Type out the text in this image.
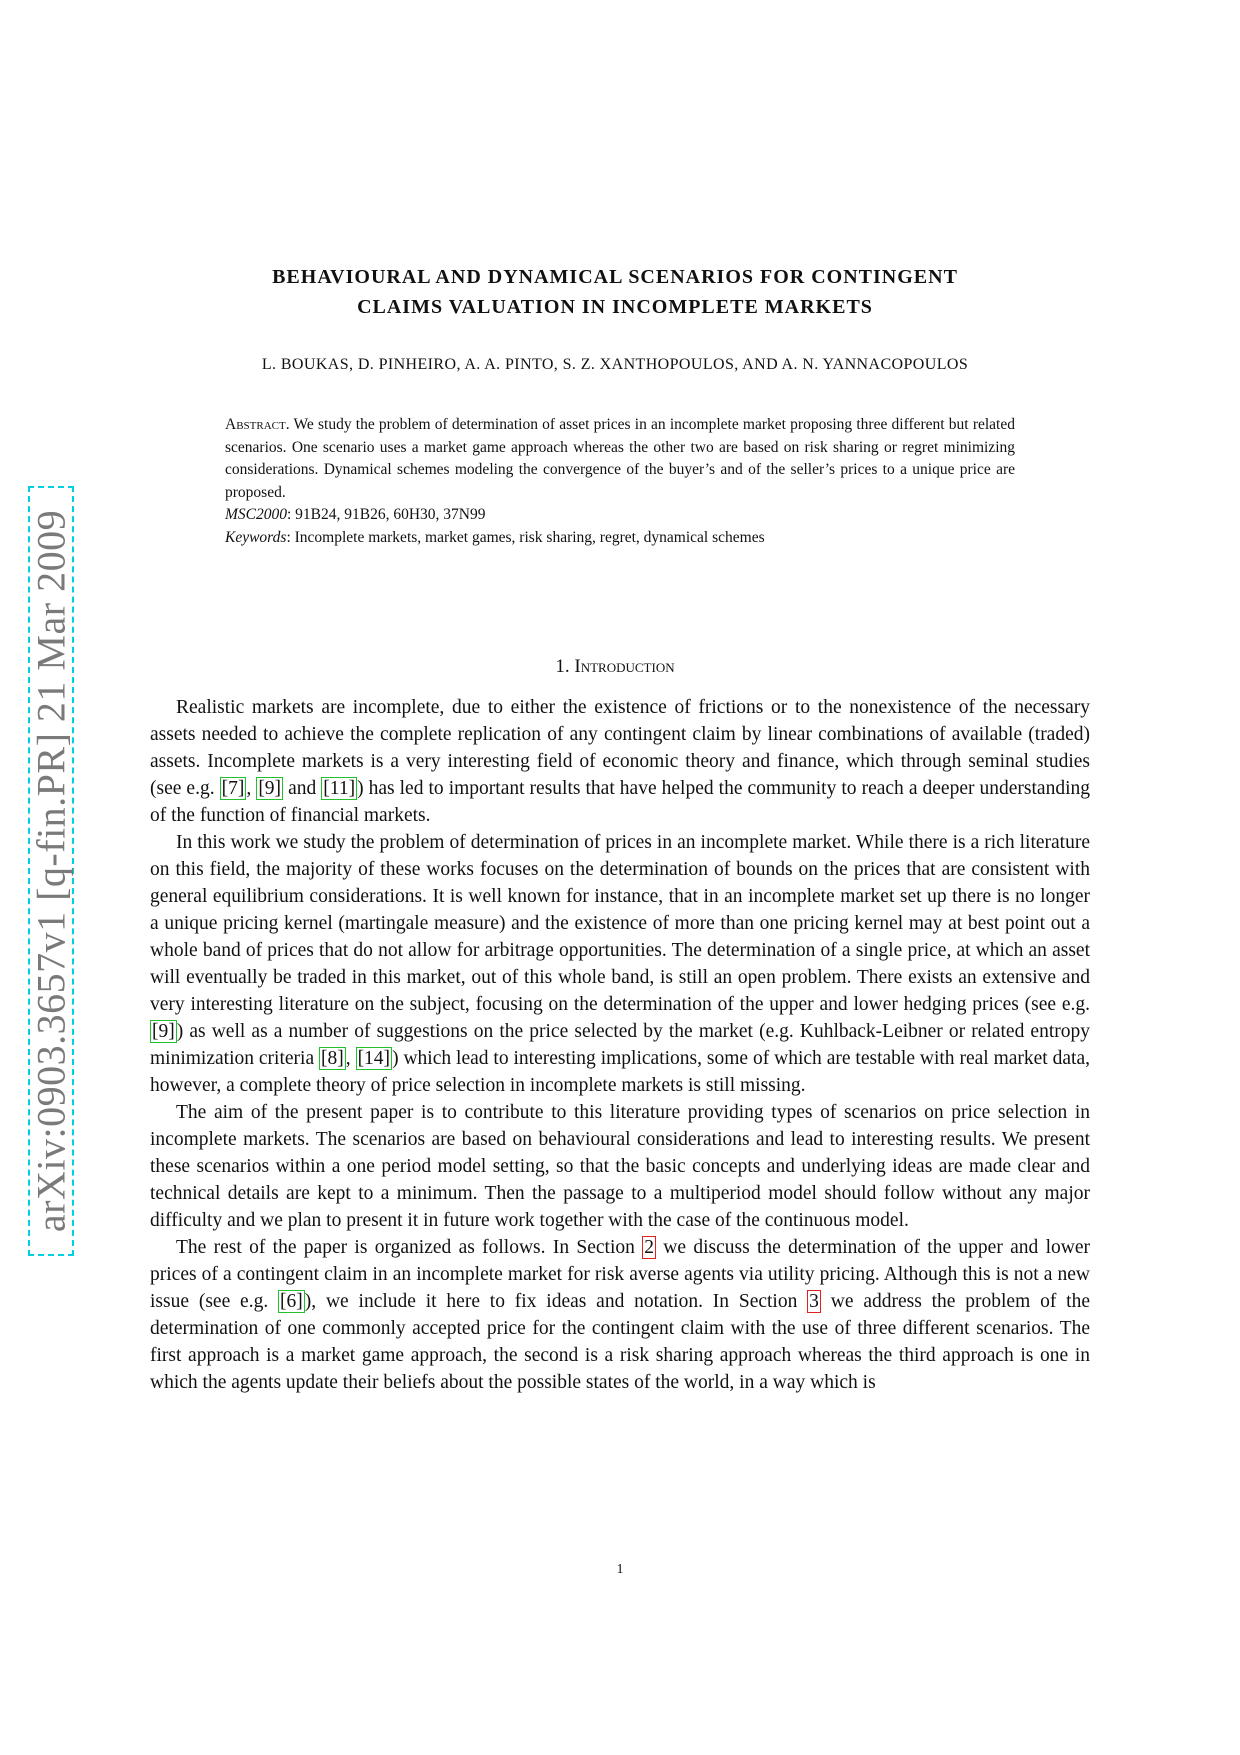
arXiv:0903.3657v1 [q-fin.PR] 21 Mar 2009
BEHAVIOURAL AND DYNAMICAL SCENARIOS FOR CONTINGENT
CLAIMS VALUATION IN INCOMPLETE MARKETS
L. BOUKAS, D. PINHEIRO, A. A. PINTO, S. Z. XANTHOPOULOS, AND A. N. YANNACOPOULOS

Abstract. We study the problem of determination of asset prices in an incomplete market proposing three different but related scenarios. One scenario uses a market game approach whereas the other two are based on risk sharing or regret minimizing considerations. Dynamical schemes modeling the convergence of the buyer’s and of the seller’s prices to a unique price are proposed.

MSC2000: 91B24, 91B26, 60H30, 37N99

Keywords: Incomplete markets, market games, risk sharing, regret, dynamical schemes

1. Introduction

Realistic markets are incomplete, due to either the existence of frictions or to the nonexistence of the necessary assets needed to achieve the complete replication of any contingent claim by linear combinations of available (traded) assets. Incomplete markets is a very interesting field of economic theory and finance, which through seminal studies (see e.g. [7] , [9] and [11] ) has led to important results that have helped the community to reach a deeper understanding of the function of financial markets.

In this work we study the problem of determination of prices in an incomplete market. While there is a rich literature on this field, the majority of these works focuses on the determination of bounds on the prices that are consistent with general equilibrium considerations. It is well known for instance, that in an incomplete market set up there is no longer a unique pricing kernel (martingale measure) and the existence of more than one pricing kernel may at best point out a whole band of prices that do not allow for arbitrage opportunities. The determination of a single price, at which an asset will eventually be traded in this market, out of this whole band, is still an open problem. There exists an extensive and very interesting literature on the subject, focusing on the determination of the upper and lower hedging prices (see e.g. [9] ) as well as a number of suggestions on the price selected by the market (e.g. Kuhlback-Leibner or related entropy minimization criteria [8] , [14] ) which lead to interesting implications, some of which are testable with real market data, however, a complete theory of price selection in incomplete markets is still missing.

The aim of the present paper is to contribute to this literature providing types of scenarios on price selection in incomplete markets. The scenarios are based on behavioural considerations and lead to interesting results. We present these scenarios within a one period model setting, so that the basic concepts and underlying ideas are made clear and technical details are kept to a minimum. Then the passage to a multiperiod model should follow without any major difficulty and we plan to present it in future work together with the case of the continuous model.

The rest of the paper is organized as follows. In Section 2 we discuss the determination of the upper and lower prices of a contingent claim in an incomplete market for risk averse agents via utility pricing. Although this is not a new issue (see e.g. [6] ), we include it here to fix ideas and notation. In Section 3 we address the problem of the determination of one commonly accepted price for the contingent claim with the use of three different scenarios. The first approach is a market game approach, the second is a risk sharing approach whereas the third approach is one in which the agents update their beliefs about the possible states of the world, in a way which is

1
